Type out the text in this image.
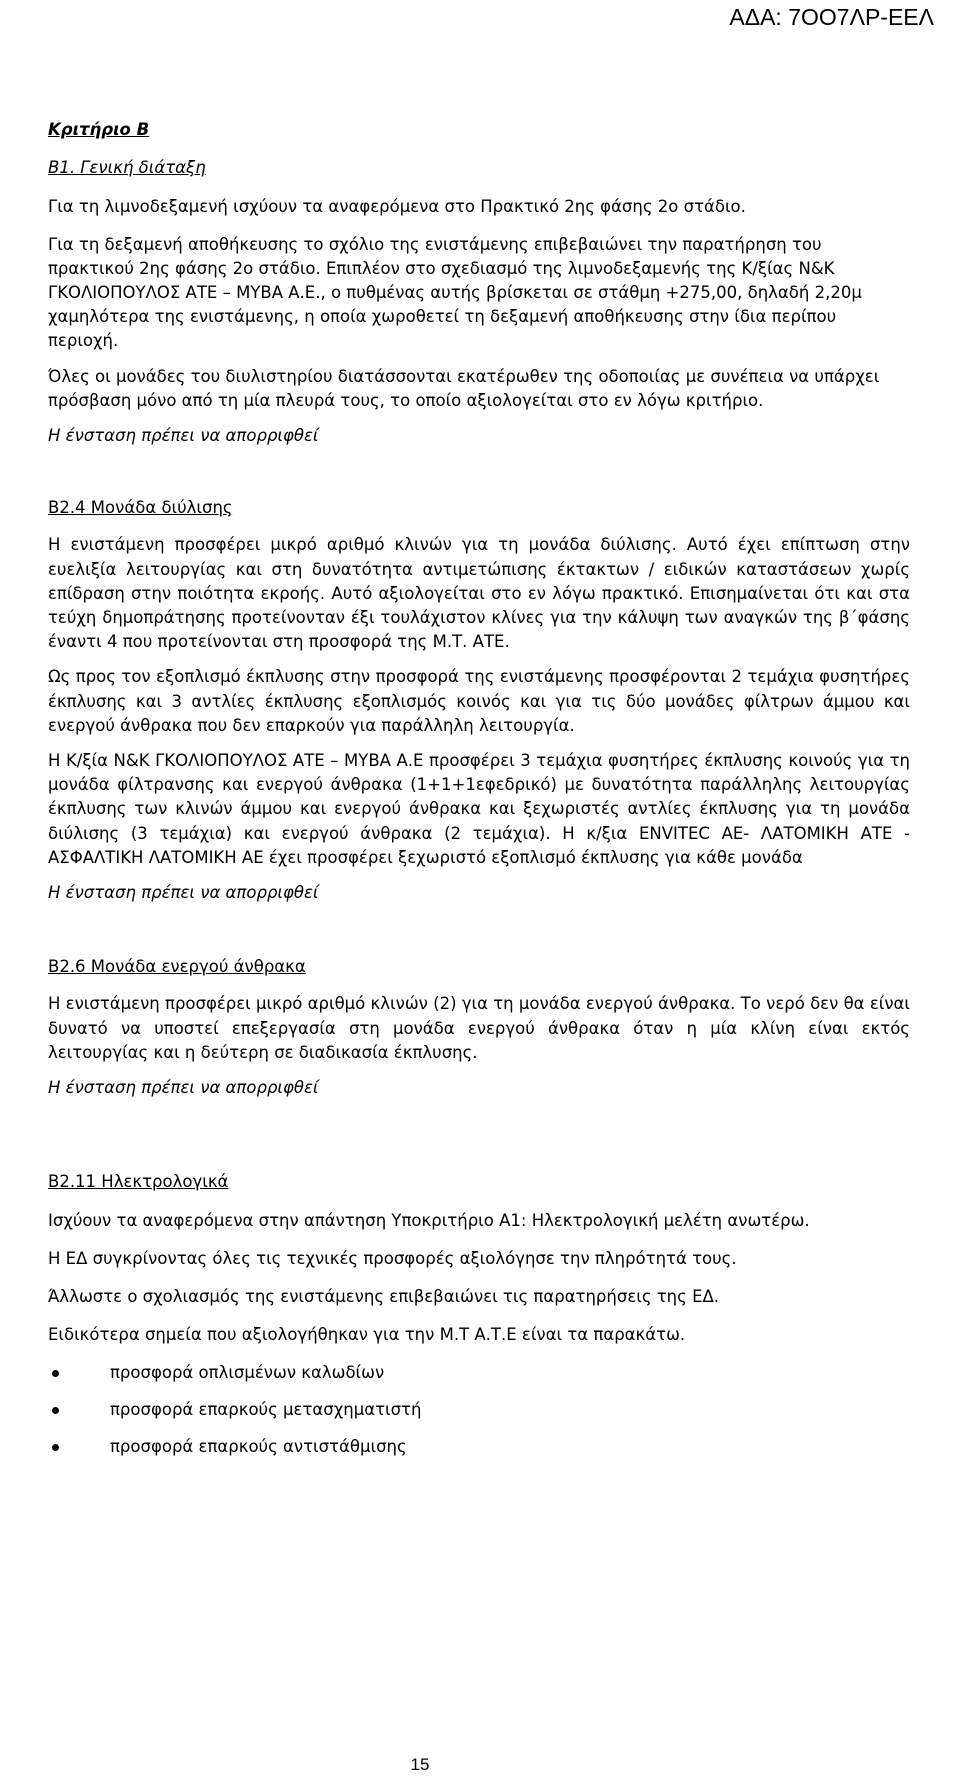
ΑΔΑ: 7ΟΟ7ΛΡ-ΕΕΛ

Κριτήριο Β

Β1. Γενική διάταξη

Για τη λιμνοδεξαμενή ισχύουν τα αναφερόμενα στο Πρακτικό 2ης φάσης 2ο στάδιο.

Για τη δεξαμενή αποθήκευσης το σχόλιο της ενιστάμενης επιβεβαιώνει την παρατήρηση του πρακτικού 2ης φάσης 2ο στάδιο. Επιπλέον στο σχεδιασμό της λιμνοδεξαμενής της Κ/ξίας Ν&Κ ΓΚΟΛΙΟΠΟΥΛΟΣ ΑΤΕ – ΜΥΒΑ Α.Ε., ο πυθμένας αυτής βρίσκεται σε στάθμη +275,00, δηλαδή 2,20μ χαμηλότερα της ενιστάμενης, η οποία χωροθετεί τη δεξαμενή αποθήκευσης στην ίδια περίπου περιοχή.

Όλες οι μονάδες του διυλιστηρίου διατάσσονται εκατέρωθεν της οδοποιίας με συνέπεια να υπάρχει πρόσβαση μόνο από τη μία πλευρά τους, το οποίο αξιολογείται στο εν λόγω κριτήριο.

Η ένσταση πρέπει να απορριφθεί

Β2.4 Μονάδα διύλισης

Η ενιστάμενη προσφέρει μικρό αριθμό κλινών για τη μονάδα διύλισης. Αυτό έχει επίπτωση στην ευελιξία λειτουργίας και στη δυνατότητα αντιμετώπισης έκτακτων / ειδικών καταστάσεων χωρίς επίδραση στην ποιότητα εκροής. Αυτό αξιολογείται στο εν λόγω πρακτικό. Επισημαίνεται ότι και στα τεύχη δημοπράτησης προτείνονταν έξι τουλάχιστον κλίνες για την κάλυψη των αναγκών της β΄φάσης έναντι 4 που προτείνονται στη προσφορά της Μ.Τ. ΑΤΕ.

Ως προς τον εξοπλισμό έκπλυσης στην προσφορά της ενιστάμενης προσφέρονται 2 τεμάχια φυσητήρες έκπλυσης και 3 αντλίες έκπλυσης εξοπλισμός κοινός και για τις δύο μονάδες φίλτρων άμμου και ενεργού άνθρακα που δεν επαρκούν για παράλληλη λειτουργία.

Η Κ/ξία Ν&Κ ΓΚΟΛΙΟΠΟΥΛΟΣ ΑΤΕ – ΜΥΒΑ Α.Ε προσφέρει 3 τεμάχια φυσητήρες έκπλυσης κοινούς για τη μονάδα φίλτρανσης και ενεργού άνθρακα (1+1+1εφεδρικό) με δυνατότητα παράλληλης λειτουργίας έκπλυσης των κλινών άμμου και ενεργού άνθρακα και ξεχωριστές αντλίες έκπλυσης για τη μονάδα διύλισης (3 τεμάχια) και ενεργού άνθρακα (2 τεμάχια). Η κ/ξια ENVITEC ΑΕ- ΛΑΤΟΜΙΚΗ ΑΤΕ - ΑΣΦΑΛΤΙΚΗ ΛΑΤΟΜΙΚΗ ΑΕ έχει προσφέρει ξεχωριστό εξοπλισμό έκπλυσης για κάθε μονάδα

Η ένσταση πρέπει να απορριφθεί

Β2.6 Μονάδα ενεργού άνθρακα

Η ενιστάμενη προσφέρει μικρό αριθμό κλινών (2) για τη μονάδα ενεργού άνθρακα. Το νερό δεν θα είναι δυνατό να υποστεί επεξεργασία στη μονάδα ενεργού άνθρακα όταν η μία κλίνη είναι εκτός λειτουργίας και η δεύτερη σε διαδικασία έκπλυσης.

Η ένσταση πρέπει να απορριφθεί

Β2.11 Ηλεκτρολογικά

Ισχύουν τα αναφερόμενα στην απάντηση Υποκριτήριο Α1: Ηλεκτρολογική μελέτη ανωτέρω.

Η ΕΔ συγκρίνοντας όλες τις τεχνικές προσφορές αξιολόγησε την πληρότητά τους.

Άλλωστε ο σχολιασμός της ενιστάμενης επιβεβαιώνει τις παρατηρήσεις της ΕΔ.

Ειδικότερα σημεία που αξιολογήθηκαν για την Μ.Τ Α.Τ.Ε είναι τα παρακάτω.

προσφορά οπλισμένων καλωδίων
προσφορά επαρκούς μετασχηματιστή
προσφορά επαρκούς αντιστάθμισης
15
